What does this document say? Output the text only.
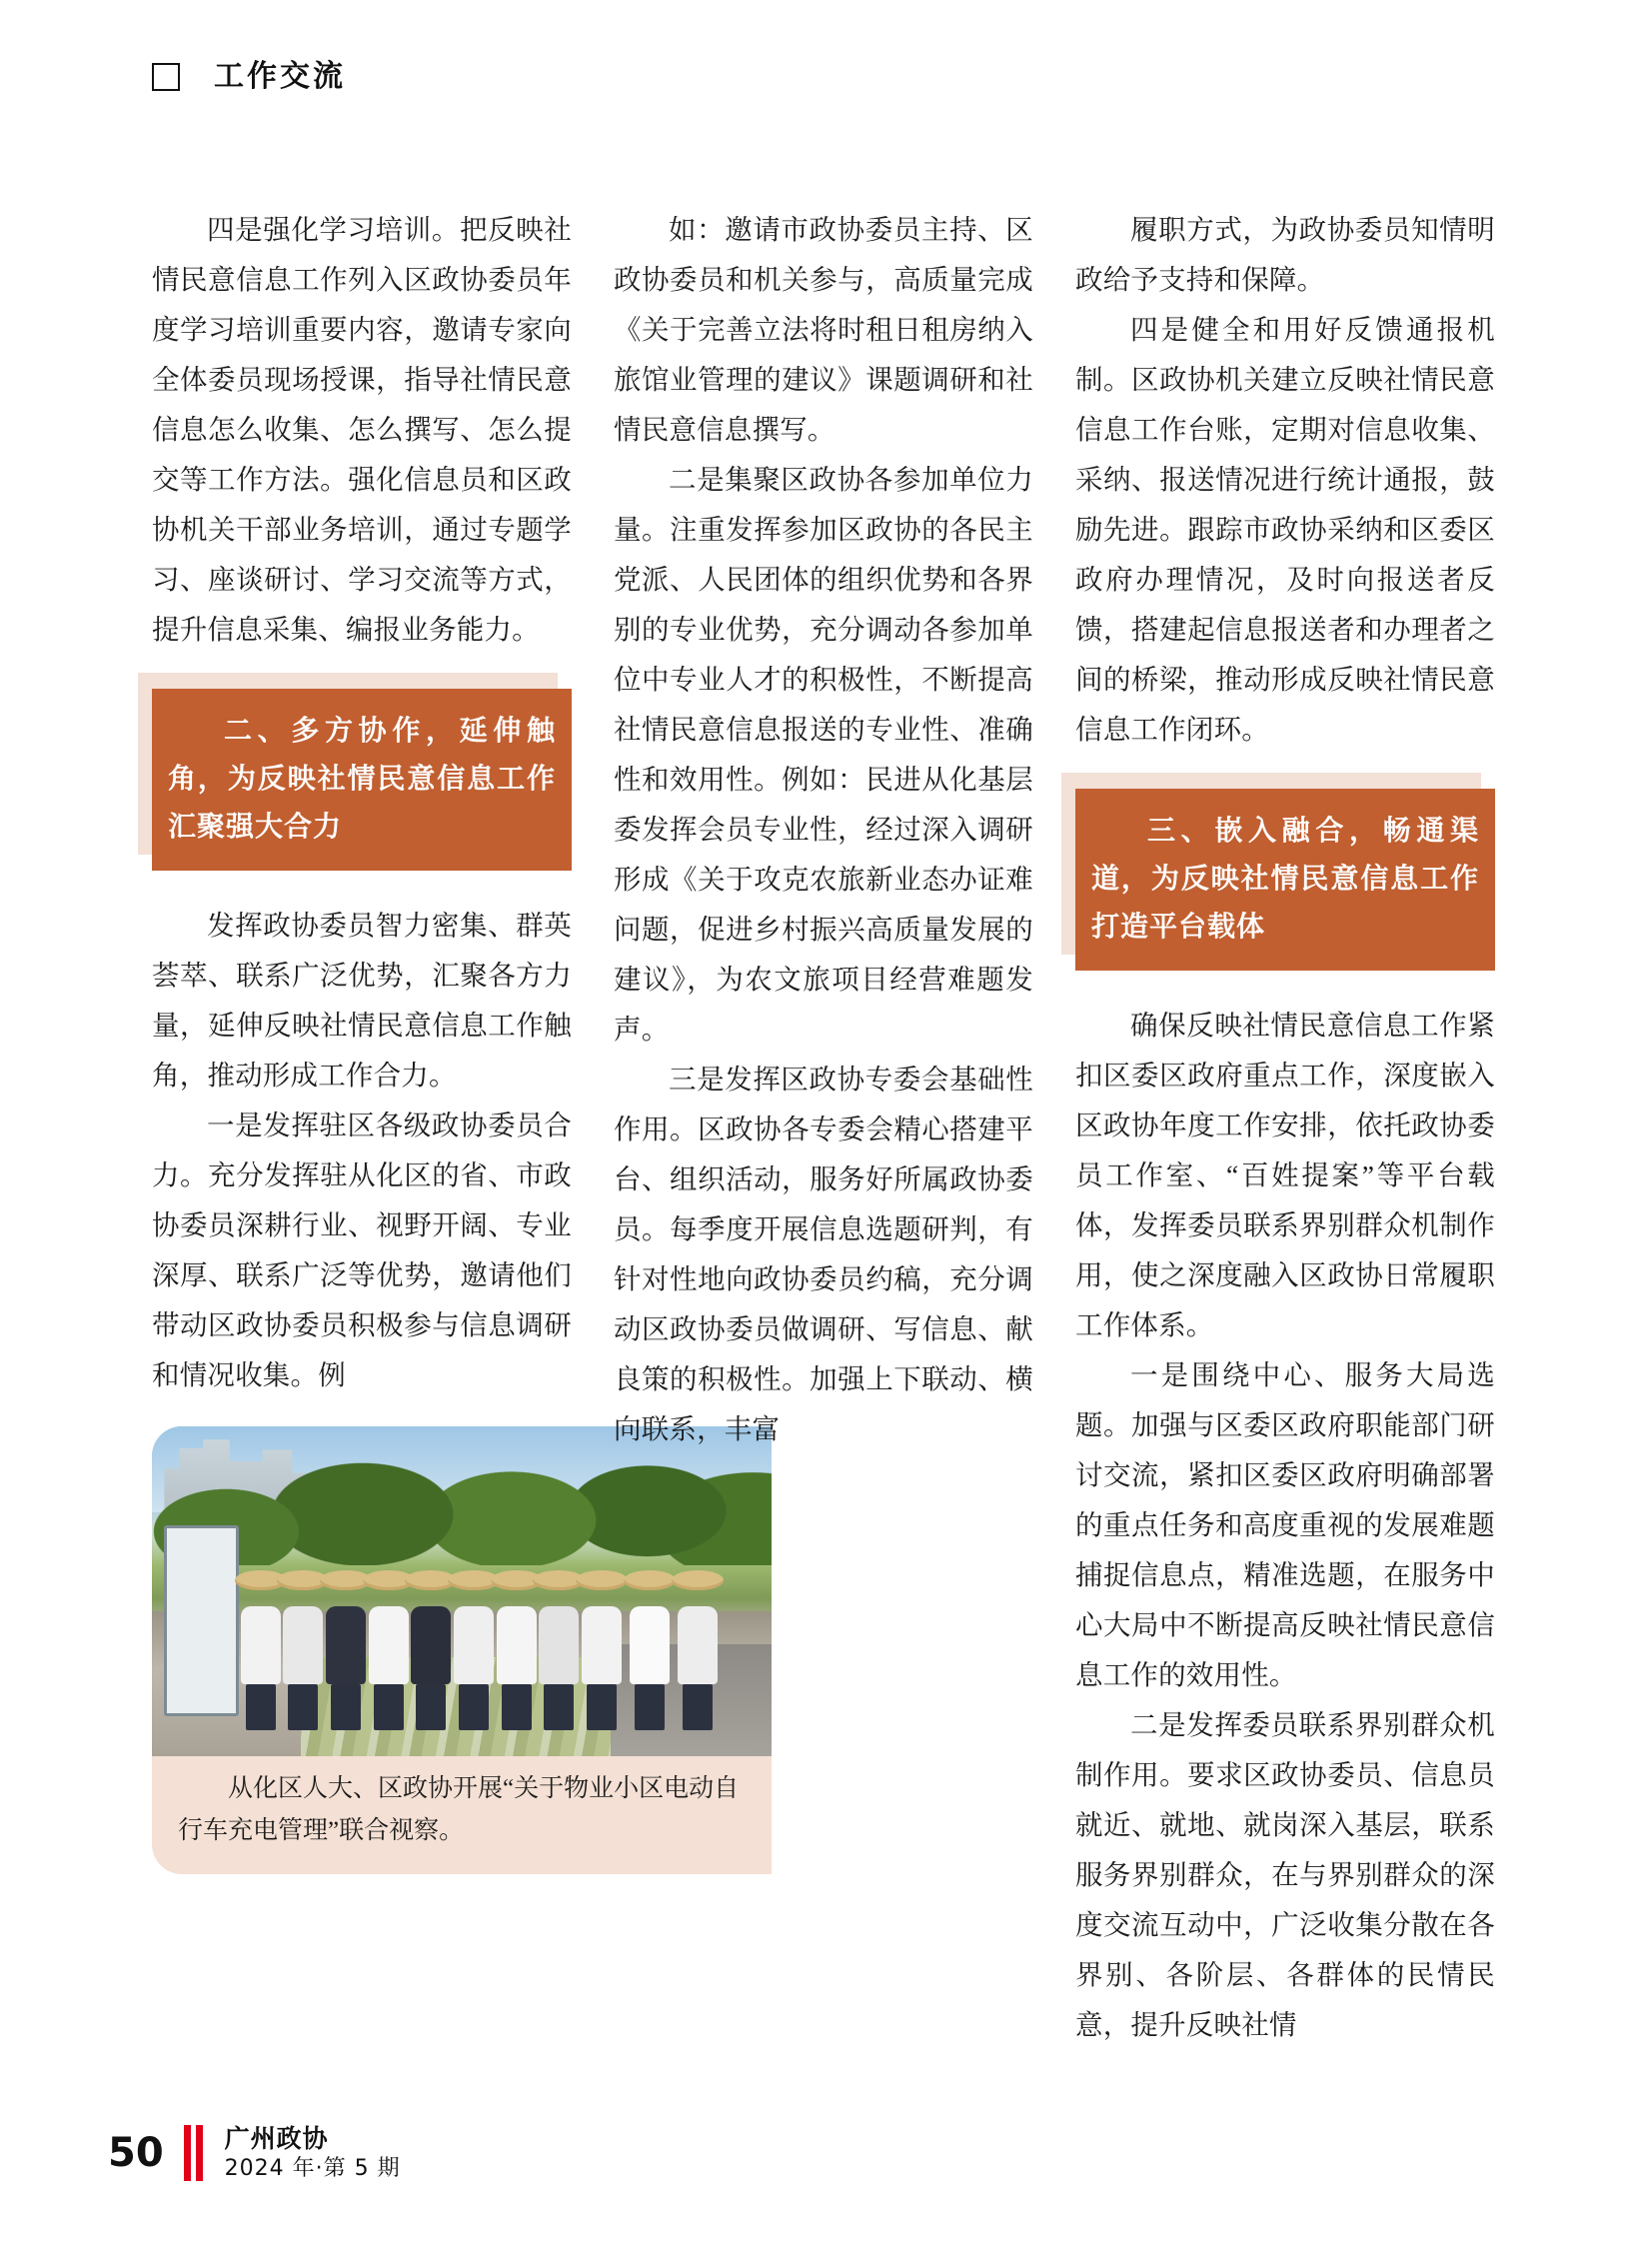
工作交流

四是强化学习培训。把反映社情民意信息工作列入区政协委员年度学习培训重要内容，邀请专家向全体委员现场授课，指导社情民意信息怎么收集、怎么撰写、怎么提交等工作方法。强化信息员和区政协机关干部业务培训，通过专题学习、座谈研讨、学习交流等方式，提升信息采集、编报业务能力。

二、多方协作，延伸触角，为反映社情民意信息工作汇聚强大合力

发挥政协委员智力密集、群英荟萃、联系广泛优势，汇聚各方力量，延伸反映社情民意信息工作触角，推动形成工作合力。

一是发挥驻区各级政协委员合力。充分发挥驻从化区的省、市政协委员深耕行业、视野开阔、专业深厚、联系广泛等优势，邀请他们带动区政协委员积极参与信息调研和情况收集。例

从化区人大、区政协开展“关于物业小区电动自行车充电管理”联合视察。

如：邀请市政协委员主持、区政协委员和机关参与，高质量完成《关于完善立法将时租日租房纳入旅馆业管理的建议》课题调研和社情民意信息撰写。

二是集聚区政协各参加单位力量。注重发挥参加区政协的各民主党派、人民团体的组织优势和各界别的专业优势，充分调动各参加单位中专业人才的积极性，不断提高社情民意信息报送的专业性、准确性和效用性。例如：民进从化基层委发挥会员专业性，经过深入调研形成《关于攻克农旅新业态办证难问题，促进乡村振兴高质量发展的建议》，为农文旅项目经营难题发声。

三是发挥区政协专委会基础性作用。区政协各专委会精心搭建平台、组织活动，服务好所属政协委员。每季度开展信息选题研判，有针对性地向政协委员约稿，充分调动区政协委员做调研、写信息、献良策的积极性。加强上下联动、横向联系，丰富

履职方式，为政协委员知情明政给予支持和保障。

四是健全和用好反馈通报机制。区政协机关建立反映社情民意信息工作台账，定期对信息收集、采纳、报送情况进行统计通报，鼓励先进。跟踪市政协采纳和区委区政府办理情况，及时向报送者反馈，搭建起信息报送者和办理者之间的桥梁，推动形成反映社情民意信息工作闭环。

三、嵌入融合，畅通渠道，为反映社情民意信息工作打造平台载体

确保反映社情民意信息工作紧扣区委区政府重点工作，深度嵌入区政协年度工作安排，依托政协委员工作室、“百姓提案”等平台载体，发挥委员联系界别群众机制作用，使之深度融入区政协日常履职工作体系。

一是围绕中心、服务大局选题。加强与区委区政府职能部门研讨交流，紧扣区委区政府明确部署的重点任务和高度重视的发展难题捕捉信息点，精准选题，在服务中心大局中不断提高反映社情民意信息工作的效用性。

二是发挥委员联系界别群众机制作用。要求区政协委员、信息员就近、就地、就岗深入基层，联系服务界别群众，在与界别群众的深度交流互动中，广泛收集分散在各界别、各阶层、各群体的民情民意，提升反映社情

50 广州政协
2024 年·第 5 期
